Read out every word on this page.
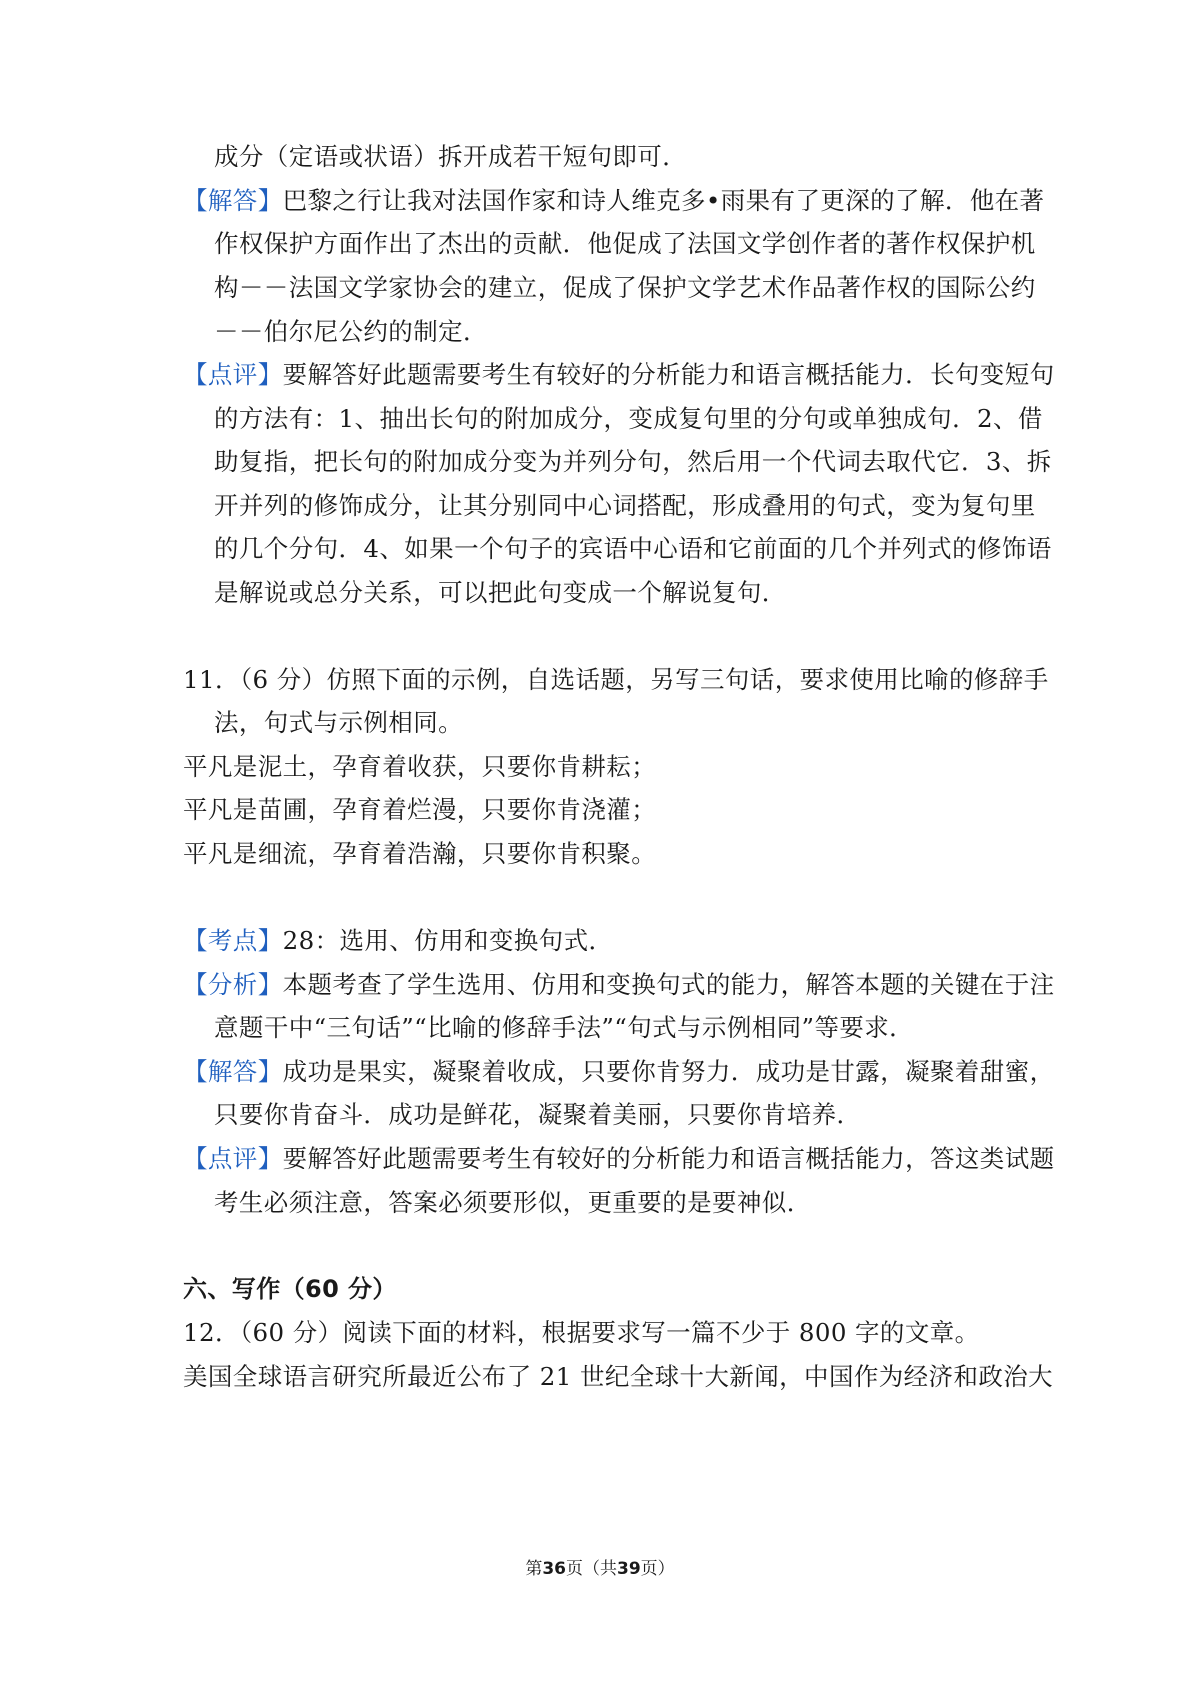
成分（定语或状语）拆开成若干短句即可．
【解答】巴黎之行让我对法国作家和诗人维克多•雨果有了更深的了解．他在著
作权保护方面作出了杰出的贡献．他促成了法国文学创作者的著作权保护机
构－－法国文学家协会的建立，促成了保护文学艺术作品著作权的国际公约
－－伯尔尼公约的制定．
【点评】要解答好此题需要考生有较好的分析能力和语言概括能力．长句变短句
的方法有：1、抽出长句的附加成分，变成复句里的分句或单独成句．2、借
助复指，把长句的附加成分变为并列分句，然后用一个代词去取代它．3、拆
开并列的修饰成分，让其分别同中心词搭配，形成叠用的句式，变为复句里
的几个分句．4、如果一个句子的宾语中心语和它前面的几个并列式的修饰语
是解说或总分关系，可以把此句变成一个解说复句．
11．（6 分）仿照下面的示例，自选话题，另写三句话，要求使用比喻的修辞手
法，句式与示例相同。
平凡是泥土，孕育着收获，只要你肯耕耘；
平凡是苗圃，孕育着烂漫，只要你肯浇灌；
平凡是细流，孕育着浩瀚，只要你肯积聚。
【考点】28：选用、仿用和变换句式．
【分析】本题考查了学生选用、仿用和变换句式的能力，解答本题的关键在于注
意题干中“三句话”“比喻的修辞手法”“句式与示例相同”等要求．
【解答】成功是果实，凝聚着收成，只要你肯努力．成功是甘露，凝聚着甜蜜，
只要你肯奋斗．成功是鲜花，凝聚着美丽，只要你肯培养．
【点评】要解答好此题需要考生有较好的分析能力和语言概括能力，答这类试题
考生必须注意，答案必须要形似，更重要的是要神似．
六、写作（60 分）
12．（60 分）阅读下面的材料，根据要求写一篇不少于 800 字的文章。
美国全球语言研究所最近公布了 21 世纪全球十大新闻，中国作为经济和政治大
第36页（共39页）
